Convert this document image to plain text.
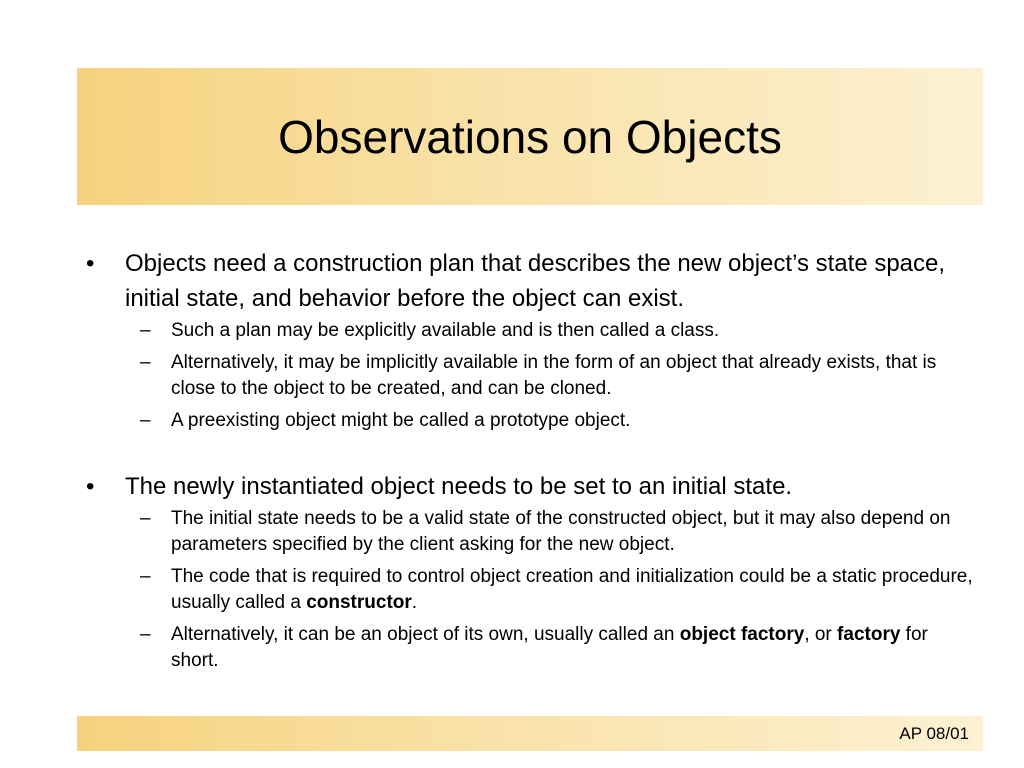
Observations on Objects
•	Objects need a construction plan that describes the new object’s state space, initial state, and behavior before the object can exist.
– Such a plan may be explicitly available and is then called a class.
– Alternatively, it may be implicitly available in the form of an object that already exists, that is close to the object to be created, and can be cloned.
– A preexisting object might be called a prototype object.
•	The newly instantiated object needs to be set to an initial state.
– The initial state needs to be a valid state of the constructed object, but it may also depend on parameters specified by the client asking for the new object.
– The code that is required to control object creation and initialization could be a static procedure, usually called a constructor.
– Alternatively, it can be an object of its own, usually called an object factory, or factory for short.
AP 08/01
